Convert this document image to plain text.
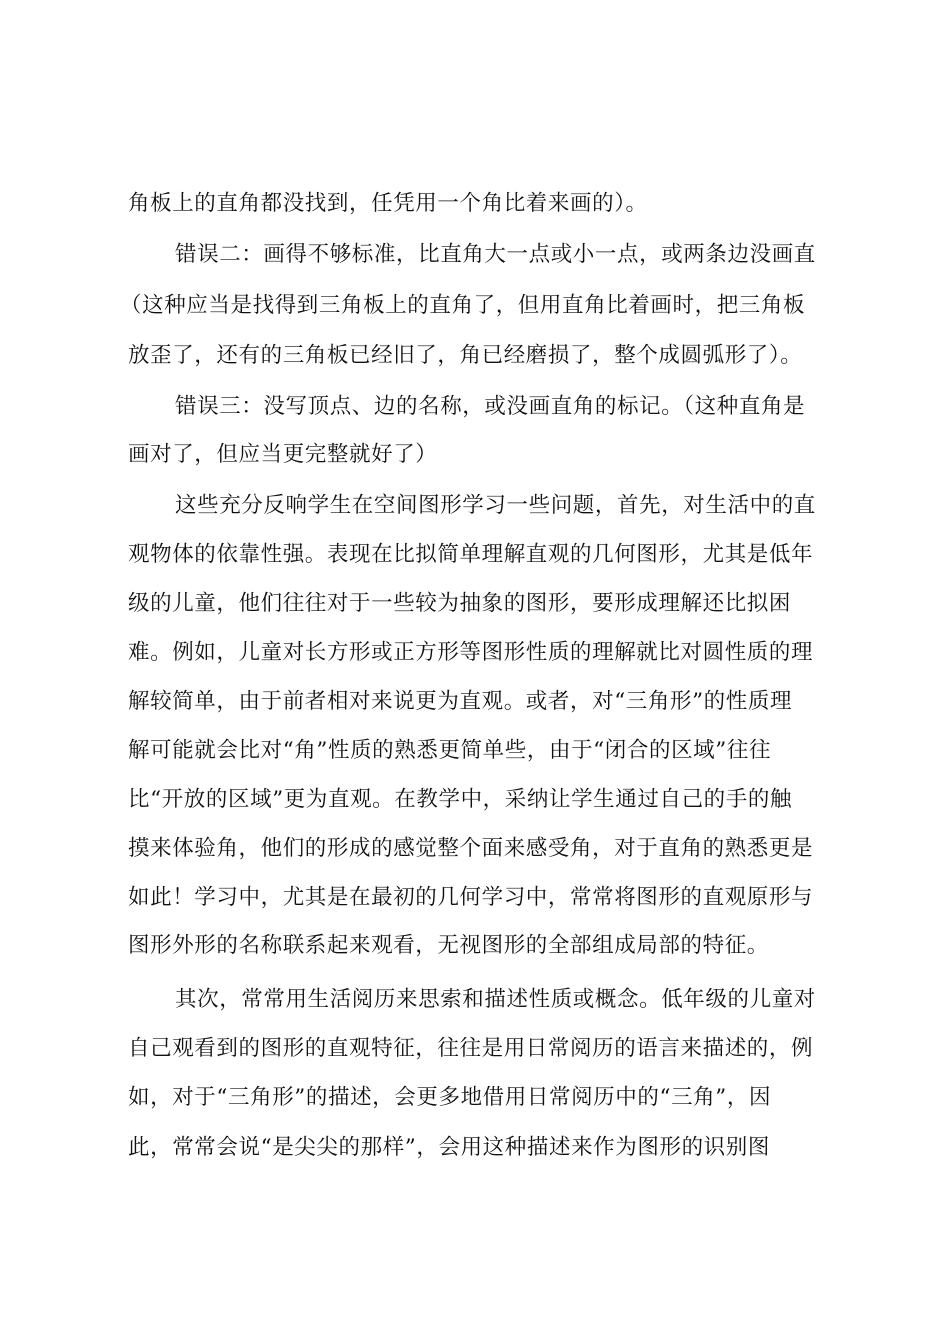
角板上的直角都没找到，任凭用一个角比着来画的）。
错误二：画得不够标准，比直角大一点或小一点，或两条边没画直
（这种应当是找得到三角板上的直角了，但用直角比着画时，把三角板
放歪了，还有的三角板已经旧了，角已经磨损了，整个成圆弧形了）。
错误三：没写顶点、边的名称，或没画直角的标记。（这种直角是
画对了，但应当更完整就好了）
这些充分反响学生在空间图形学习一些问题，首先，对生活中的直
观物体的依靠性强。表现在比拟简单理解直观的几何图形，尤其是低年
级的儿童，他们往往对于一些较为抽象的图形，要形成理解还比拟困
难。例如，儿童对长方形或正方形等图形性质的理解就比对圆性质的理
解较简单，由于前者相对来说更为直观。或者，对“三角形”的性质理
解可能就会比对“角”性质的熟悉更简单些，由于“闭合的区域”往往
比“开放的区域”更为直观。在教学中，采纳让学生通过自己的手的触
摸来体验角，他们的形成的感觉整个面来感受角，对于直角的熟悉更是
如此！学习中，尤其是在最初的几何学习中，常常将图形的直观原形与
图形外形的名称联系起来观看，无视图形的全部组成局部的特征。
其次，常常用生活阅历来思索和描述性质或概念。低年级的儿童对
自己观看到的图形的直观特征，往往是用日常阅历的语言来描述的，例
如，对于“三角形”的描述，会更多地借用日常阅历中的“三角”，因
此，常常会说“是尖尖的那样”，会用这种描述来作为图形的识别图
